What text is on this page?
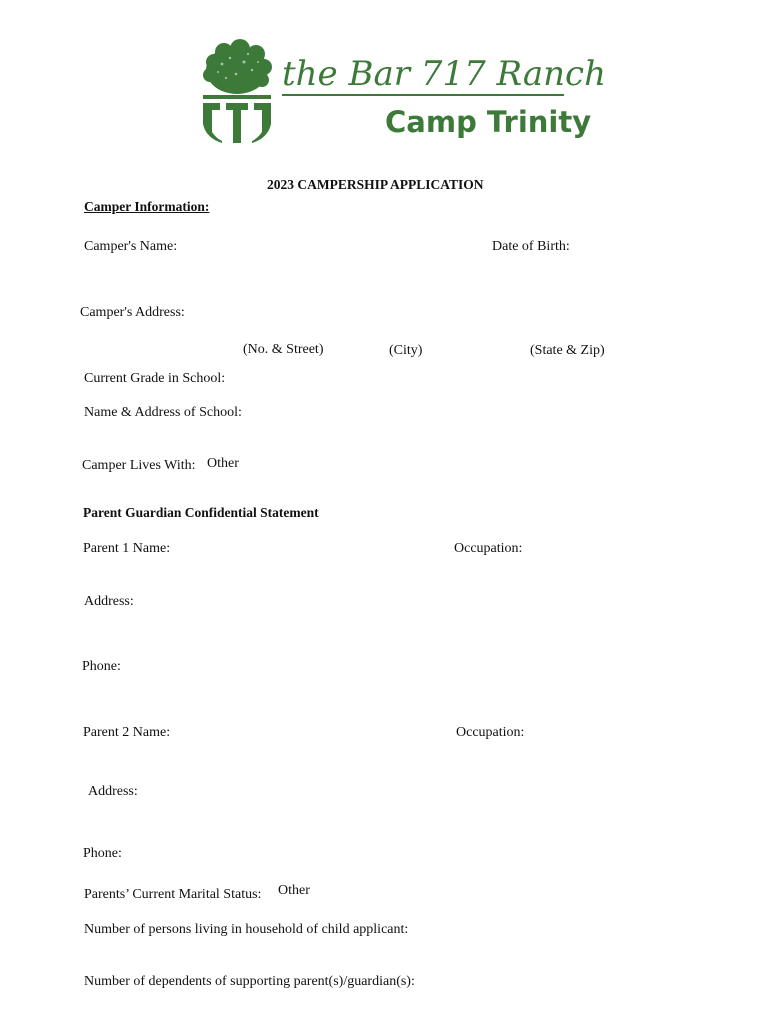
the Bar 717 Ranch
Camp Trinity
2023 CAMPERSHIP APPLICATION
Camper Information:
Camper's Name:	Date of Birth:
Camper's Address:
(No. & Street)	(City)	(State & Zip)
Current Grade in School:
Name & Address of School:
Camper Lives With: Other
Parent Guardian Confidential Statement
Parent 1 Name:	Occupation:
Address:
Phone:
Parent 2 Name:	Occupation:
Address:
Phone:
Parents’ Current Marital Status: Other
Number of persons living in household of child applicant:
Number of dependents of supporting parent(s)/guardian(s):
